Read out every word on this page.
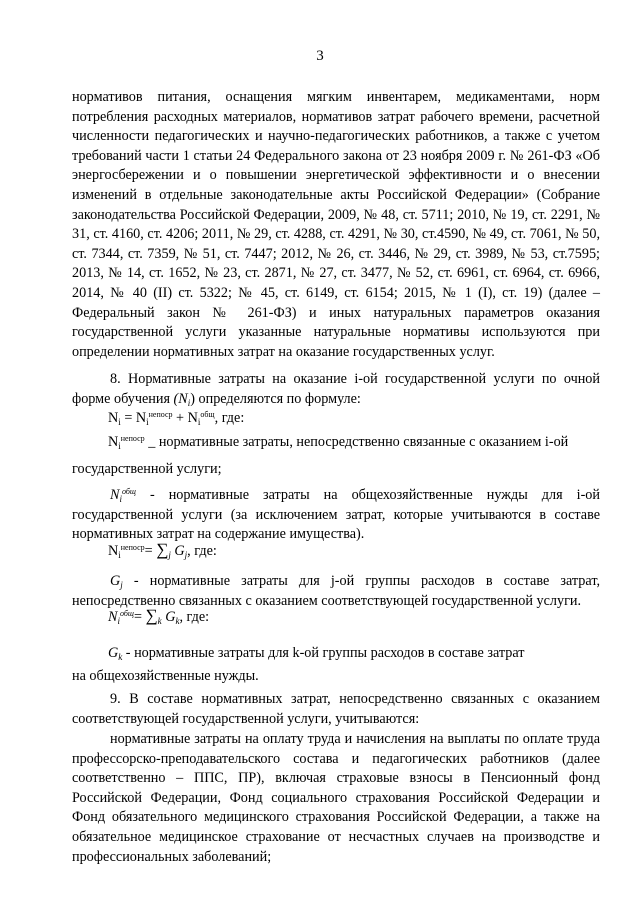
3
нормативов питания, оснащения мягким инвентарем, медикаментами, норм потребления расходных материалов, нормативов затрат рабочего времени, расчетной численности педагогических и научно-педагогических работников, а также с учетом требований части 1 статьи 24 Федерального закона от 23 ноября 2009 г. № 261-ФЗ «Об энергосбережении и о повышении энергетической эффективности и о внесении изменений в отдельные законодательные акты Российской Федерации» (Собрание законодательства Российской Федерации, 2009, № 48, ст. 5711; 2010, № 19, ст. 2291, № 31, ст. 4160, ст. 4206; 2011, № 29, ст. 4288, ст. 4291, № 30, ст.4590, № 49, ст. 7061, № 50, ст. 7344, ст. 7359, № 51, ст. 7447; 2012, № 26, ст. 3446, № 29, ст. 3989, № 53, ст.7595; 2013, № 14, ст. 1652, № 23, ст. 2871, № 27, ст. 3477, № 52, ст. 6961, ст. 6964, ст. 6966, 2014, № 40 (II) ст. 5322; № 45, ст. 6149, ст. 6154; 2015, № 1 (I), ст. 19) (далее – Федеральный закон № 261-ФЗ) и иных натуральных параметров оказания государственной услуги указанные натуральные нормативы используются при определении нормативных затрат на оказание государственных услуг.
8. Нормативные затраты на оказание i-ой государственной услуги по очной форме обучения $(N_i)$ определяются по формуле:
$N_i = N_i^{непоср} + N_i^{общ}$, где:
$N_i^{непоср}$ _ нормативные затраты, непосредственно связанные с оказанием i-ой
государственной услуги;
$N_i^{общ}$ - нормативные затраты на общехозяйственные нужды для i-ой государственной услуги (за исключением затрат, которые учитываются в составе нормативных затрат на содержание имущества).
$N_i^{непоср}= \sum_j$ $G_j$, где:
$G_j$ - нормативные затраты для j-ой группы расходов в составе затрат, непосредственно связанных с оказанием соответствующей государственной услуги.
$N_i^{общ}= \sum_k$ $G_k$, где:
$G_k$ - нормативные затраты для k-ой группы расходов в составе затрат
на общехозяйственные нужды.
9. В составе нормативных затрат, непосредственно связанных с оказанием соответствующей государственной услуги, учитываются:
нормативные затраты на оплату труда и начисления на выплаты по оплате труда профессорско-преподавательского состава и педагогических работников (далее соответственно – ППС, ПР), включая страховые взносы в Пенсионный фонд Российской Федерации, Фонд социального страхования Российской Федерации и Фонд обязательного медицинского страхования Российской Федерации, а также на обязательное медицинское страхование от несчастных случаев на производстве и профессиональных заболеваний;
